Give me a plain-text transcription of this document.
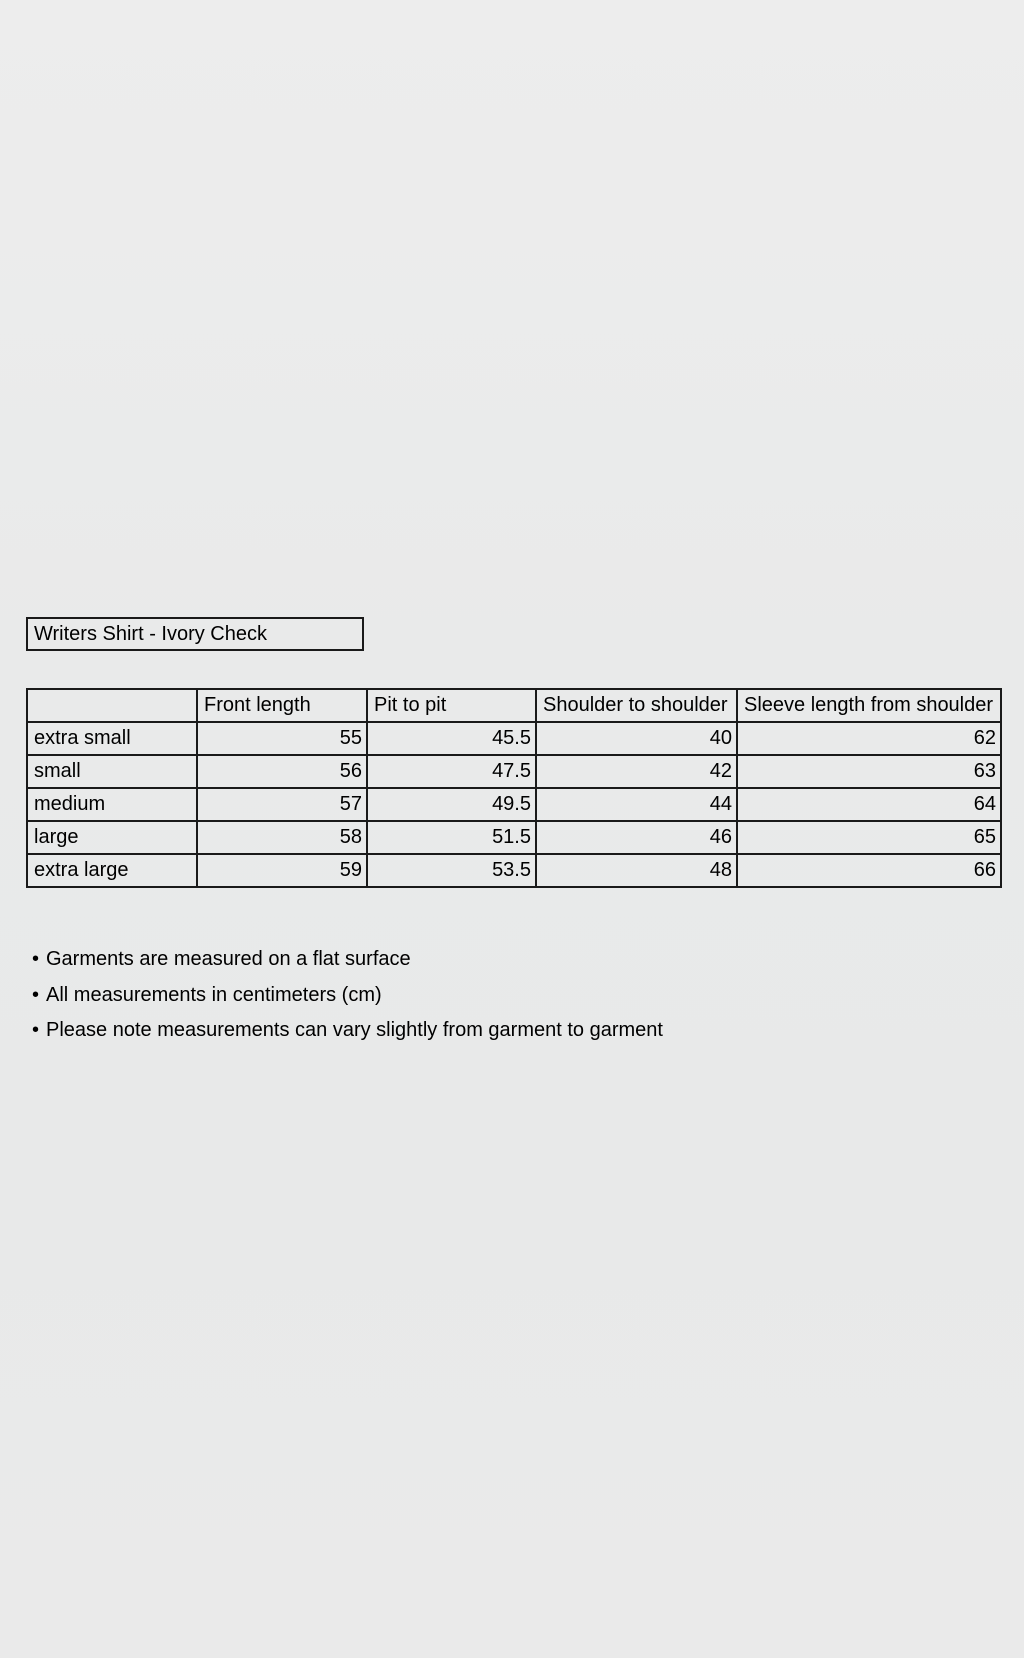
Writers Shirt - Ivory Check
	Front length	Pit to pit	Shoulder to shoulder	Sleeve length from shoulder
extra small	55	45.5	40	62
small	56	47.5	42	63
medium	57	49.5	44	64
large	58	51.5	46	65
extra large	59	53.5	48	66
• Garments are measured on a flat surface
• All measurements in centimeters (cm)
• Please note measurements can vary slightly from garment to garment
